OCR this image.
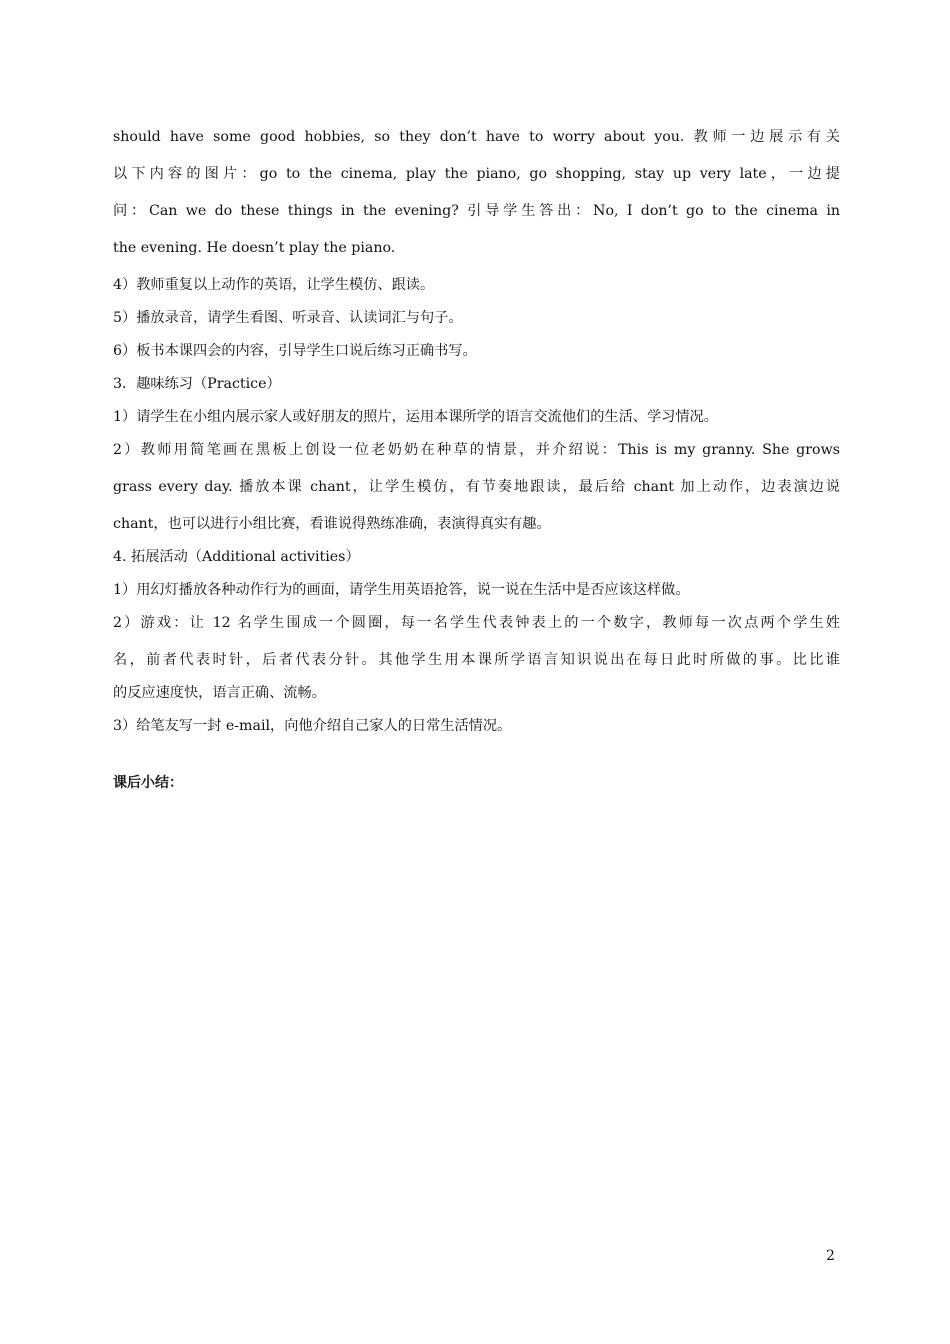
should have some good hobbies, so they don’t have to worry about you. 教师一边展示有关
以下内容的图片：go to the cinema, play the piano, go shopping, stay up very late，一边提
问：Can we do these things in the evening? 引导学生答出：No, I don’t go to the cinema in
the evening. He doesn’t play the piano.
4）教师重复以上动作的英语，让学生模仿、跟读。
5）播放录音，请学生看图、听录音、认读词汇与句子。
6）板书本课四会的内容，引导学生口说后练习正确书写。
3．趣味练习（Practice）
1）请学生在小组内展示家人或好朋友的照片，运用本课所学的语言交流他们的生活、学习情况。
2）教师用简笔画在黑板上创设一位老奶奶在种草的情景，并介绍说：This is my granny. She grows
grass every day. 播放本课 chant，让学生模仿，有节奏地跟读，最后给 chant 加上动作，边表演边说
chant，也可以进行小组比赛，看谁说得熟练准确，表演得真实有趣。
4. 拓展活动（Additional activities）
1）用幻灯播放各种动作行为的画面，请学生用英语抢答，说一说在生活中是否应该这样做。
2）游戏：让 12 名学生围成一个圆圈，每一名学生代表钟表上的一个数字，教师每一次点两个学生姓
名，前者代表时针，后者代表分针。其他学生用本课所学语言知识说出在每日此时所做的事。比比谁
的反应速度快，语言正确、流畅。
3）给笔友写一封 e-mail，向他介绍自己家人的日常生活情况。
课后小结：
2
